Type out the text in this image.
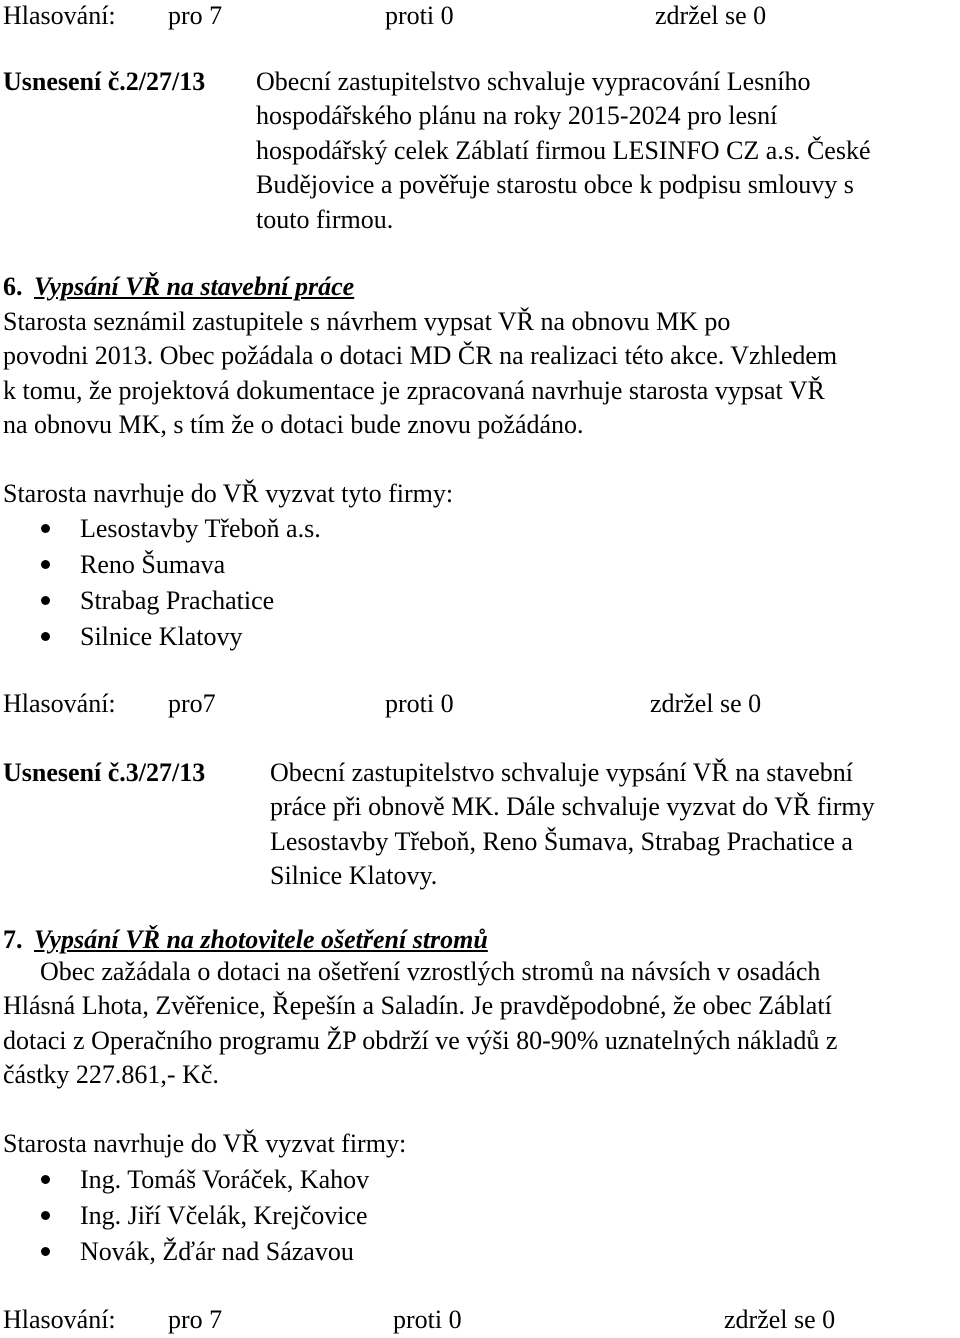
Hlasování: pro 7	proti 0	zdržel se 0
Usnesení č.2/27/13 Obecní zastupitelstvo schvaluje vypracování Lesního
hospodářského plánu na roky 2015-2024 pro lesní
hospodářský celek Záblatí firmou LESINFO CZ a.s. České
Budějovice a pověřuje starostu obce k podpisu smlouvy s
touto firmou.
6. Vypsání VŘ na stavební práce
Starosta seznámil zastupitele s návrhem vypsat VŘ na obnovu MK po
povodni 2013. Obec požádala o dotaci MD ČR na realizaci této akce. Vzhledem
k tomu, že projektová dokumentace je zpracovaná navrhuje starosta vypsat VŘ
na obnovu MK, s tím že o dotaci bude znovu požádáno.
Starosta navrhuje do VŘ vyzvat tyto firmy:
Lesostavby Třeboň a.s.
Reno Šumava
Strabag Prachatice
Silnice Klatovy
Hlasování: pro7	proti 0	zdržel se 0
Usnesení č.3/27/13 Obecní zastupitelstvo schvaluje vypsání VŘ na stavební
práce při obnově MK. Dále schvaluje vyzvat do VŘ firmy
Lesostavby Třeboň, Reno Šumava, Strabag Prachatice a
Silnice Klatovy.
7. Vypsání VŘ na zhotovitele ošetření stromů
Obec zažádala o dotaci na ošetření vzrostlých stromů na návsích v osadách
Hlásná Lhota, Zvěřenice, Řepešín a Saladín. Je pravděpodobné, že obec Záblatí
dotaci z Operačního programu ŽP obdrží ve výši 80-90% uznatelných nákladů z
částky 227.861,- Kč.
Starosta navrhuje do VŘ vyzvat firmy:
Ing. Tomáš Voráček, Kahov
Ing. Jiří Včelák, Krejčovice
Novák, Žďár nad Sázavou
Hlasování: pro 7	proti 0	zdržel se 0
